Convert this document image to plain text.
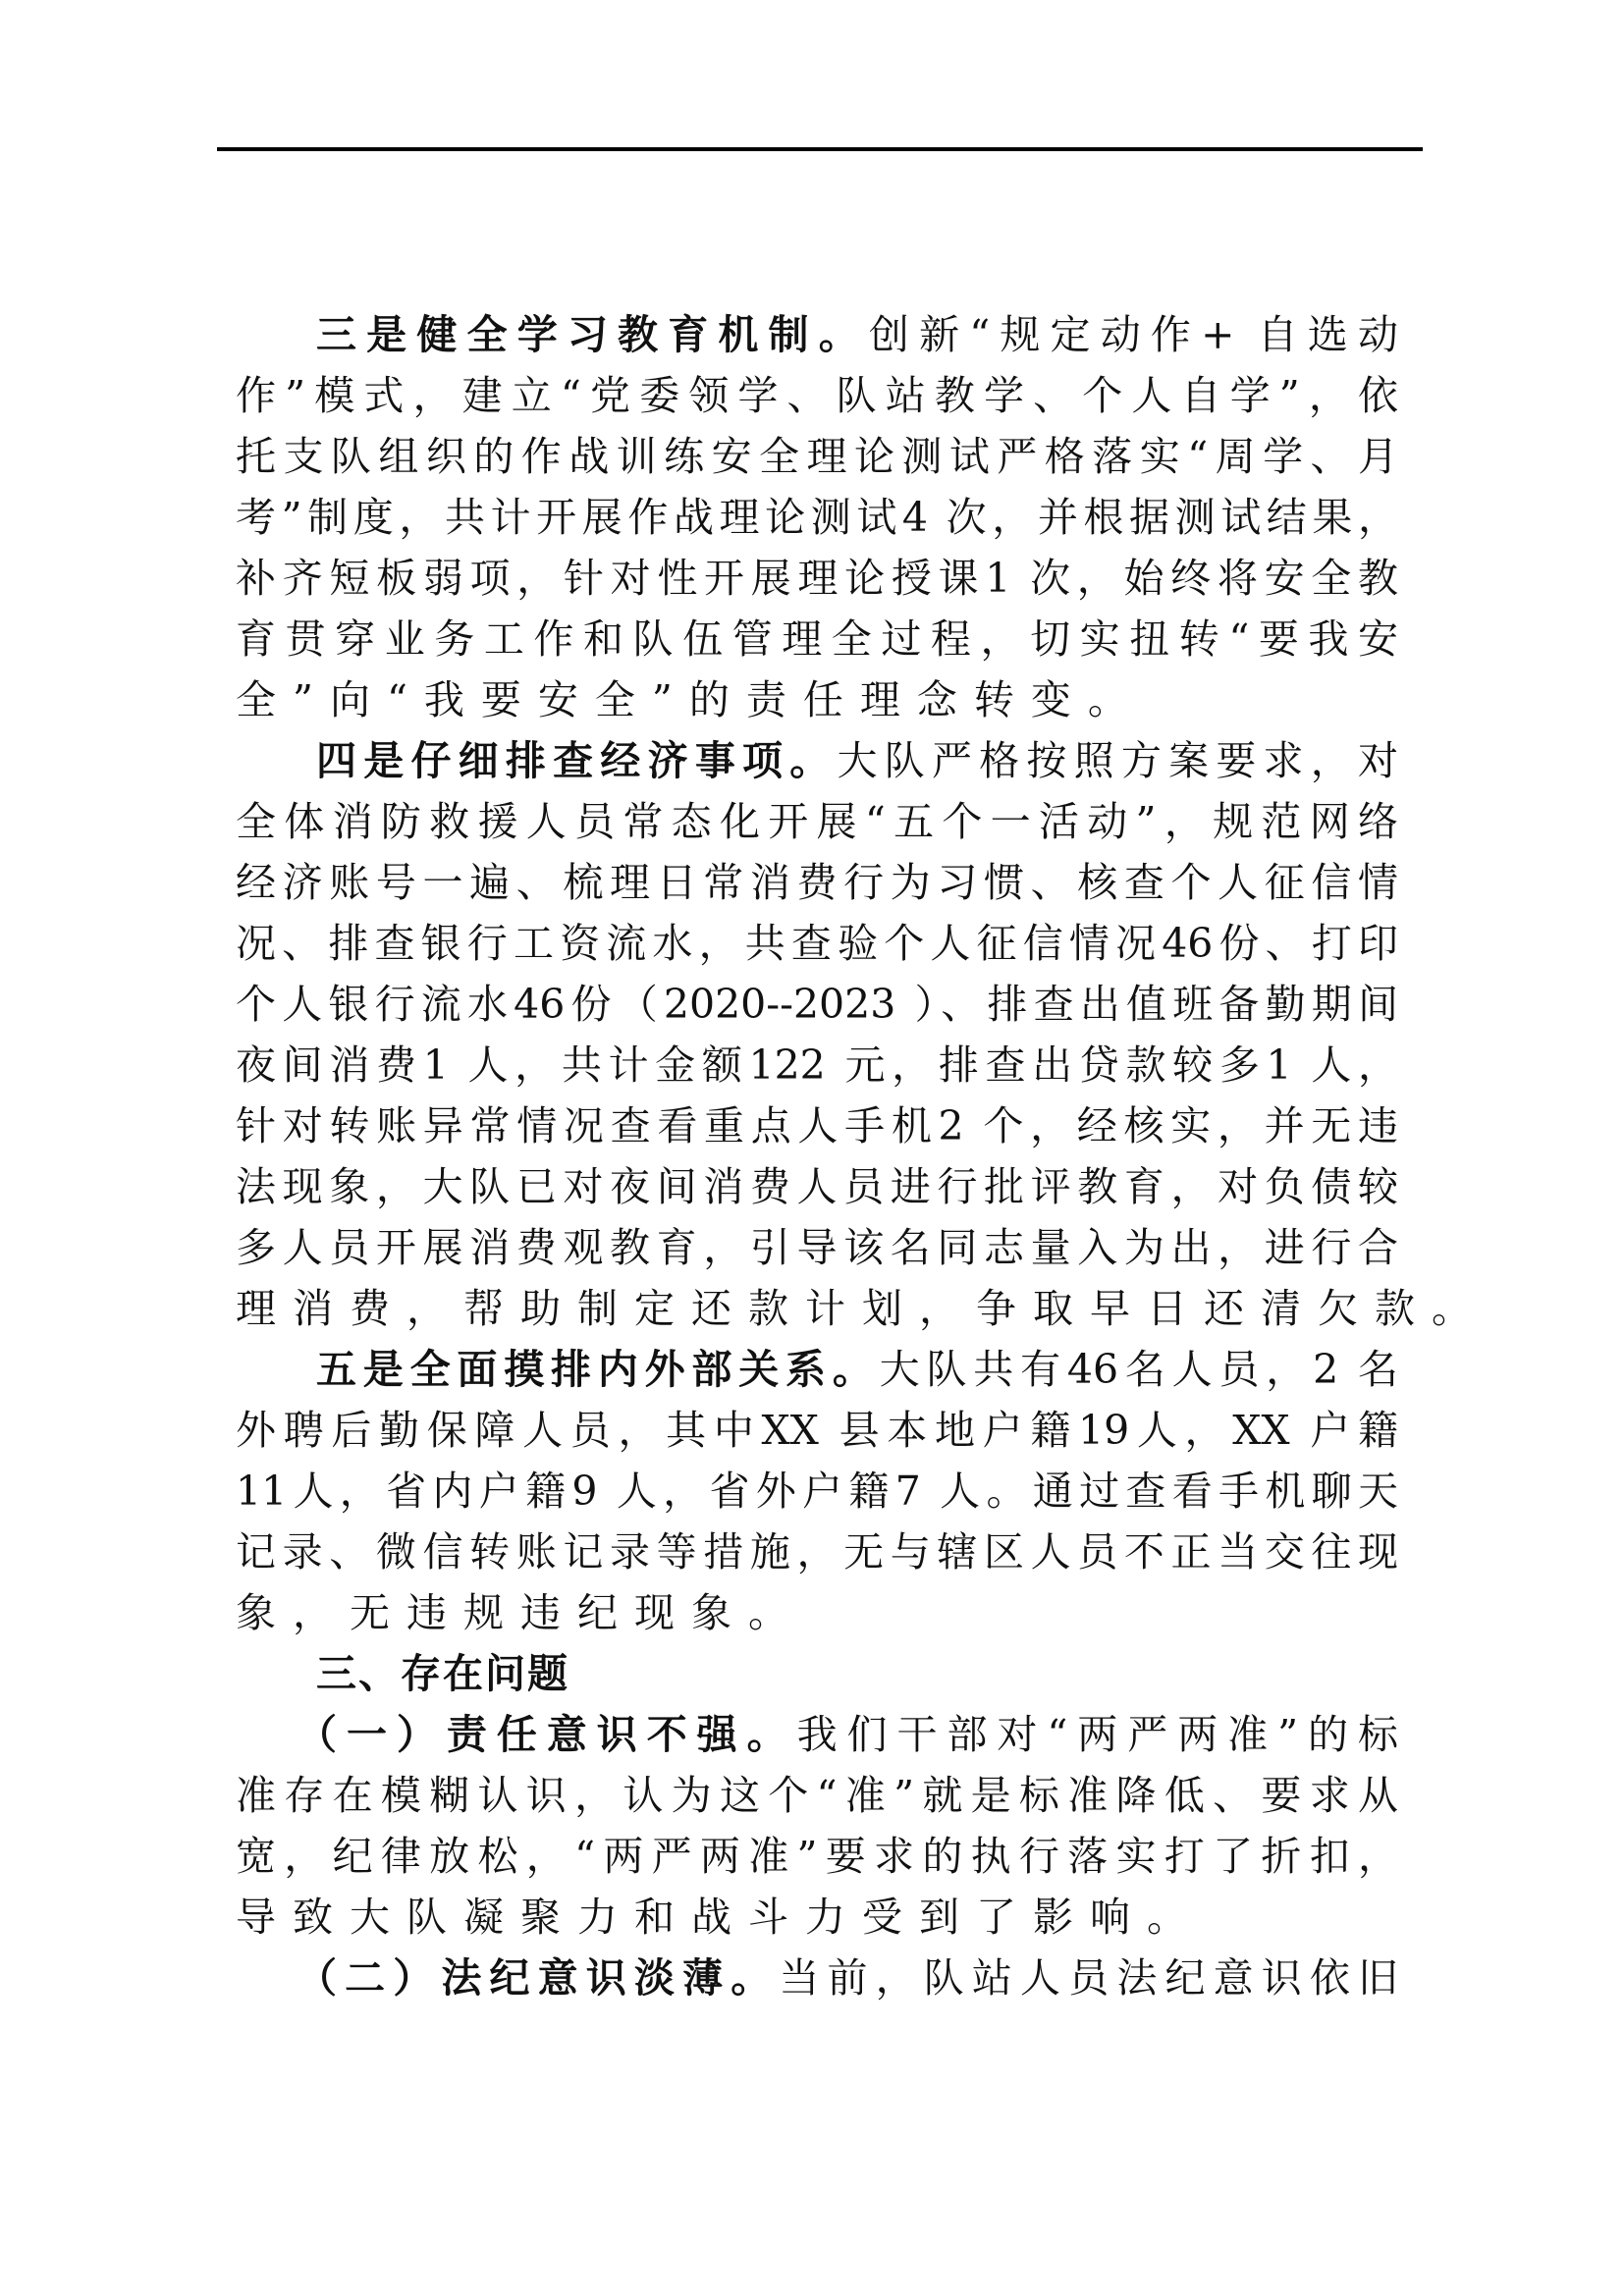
三是健全学习教育机制。创新“规定动作+ 自选动
作”模式，建立“党委领学、队站教学、个人自学”，依
托支队组织的作战训练安全理论测试严格落实“周学、月
考”制度，共计开展作战理论测试4 次，并根据测试结果，
补齐短板弱项，针对性开展理论授课1 次，始终将安全教
育贯穿业务工作和队伍管理全过程，切实扭转“要我安
全”向“我要安全”的责任理念转变。
四是仔细排查经济事项。大队严格按照方案要求，对
全体消防救援人员常态化开展“五个一活动”，规范网络
经济账号一遍、梳理日常消费行为习惯、核查个人征信情
况、排查银行工资流水，共查验个人征信情况46份、打印
个人银行流水46份（2020--2023 ）、排查出值班备勤期间
夜间消费1 人，共计金额122 元，排查出贷款较多1 人，
针对转账异常情况查看重点人手机2 个，经核实，并无违
法现象，大队已对夜间消费人员进行批评教育，对负债较
多人员开展消费观教育，引导该名同志量入为出，进行合
理消费，帮助制定还款计划，争取早日还清欠款。
五是全面摸排内外部关系。大队共有46名人员，2 名
外聘后勤保障人员，其中XX 县本地户籍19人，XX 户籍
11人，省内户籍9 人，省外户籍7 人。通过查看手机聊天
记录、微信转账记录等措施，无与辖区人员不正当交往现
象，无违规违纪现象。
三、存在问题
（一）责任意识不强。我们干部对“两严两准”的标
准存在模糊认识，认为这个“准”就是标准降低、要求从
宽，纪律放松，“两严两准”要求的执行落实打了折扣，
导致大队凝聚力和战斗力受到了影响。
（二）法纪意识淡薄。当前，队站人员法纪意识依旧
